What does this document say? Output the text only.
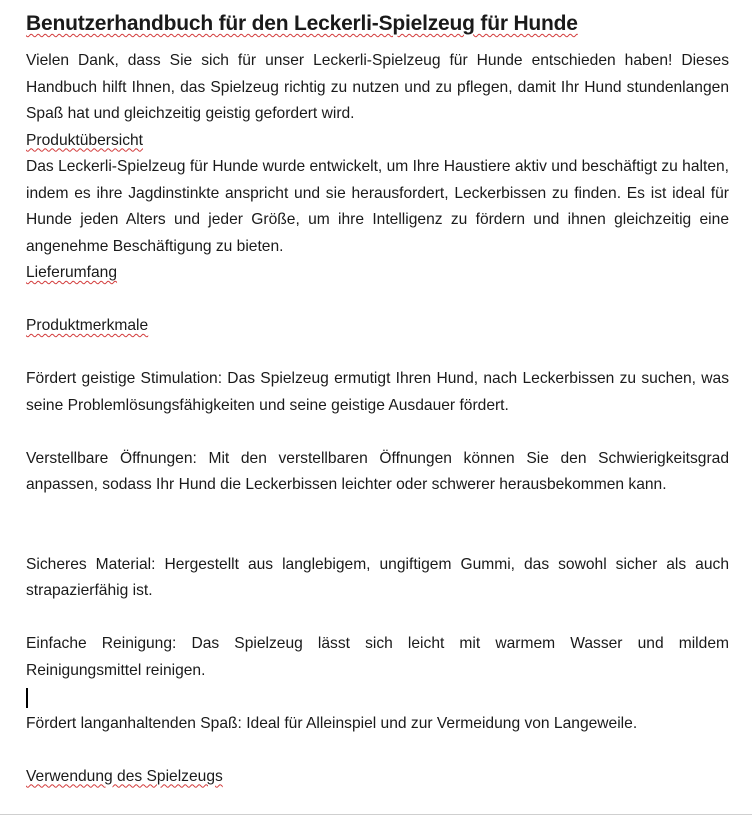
Benutzerhandbuch für den Leckerli-Spielzeug für Hunde

Vielen Dank, dass Sie sich für unser Leckerli-Spielzeug für Hunde entschieden haben! Dieses Handbuch hilft Ihnen, das Spielzeug richtig zu nutzen und zu pflegen, damit Ihr Hund stundenlangen Spaß hat und gleichzeitig geistig gefordert wird.

Produktübersicht

Das Leckerli-Spielzeug für Hunde wurde entwickelt, um Ihre Haustiere aktiv und beschäftigt zu halten, indem es ihre Jagdinstinkte anspricht und sie herausfordert, Leckerbissen zu finden. Es ist ideal für Hunde jeden Alters und jeder Größe, um ihre Intelligenz zu fördern und ihnen gleichzeitig eine angenehme Beschäftigung zu bieten.

Lieferumfang

Produktmerkmale

Fördert geistige Stimulation: Das Spielzeug ermutigt Ihren Hund, nach Leckerbissen zu suchen, was seine Problemlösungsfähigkeiten und seine geistige Ausdauer fördert.

Verstellbare Öffnungen: Mit den verstellbaren Öffnungen können Sie den Schwierigkeitsgrad anpassen, sodass Ihr Hund die Leckerbissen leichter oder schwerer herausbekommen kann.

Sicheres Material: Hergestellt aus langlebigem, ungiftigem Gummi, das sowohl sicher als auch strapazierfähig ist.

Einfache Reinigung: Das Spielzeug lässt sich leicht mit warmem Wasser und mildem Reinigungsmittel reinigen.

Fördert langanhaltenden Spaß: Ideal für Alleinspiel und zur Vermeidung von Langeweile.

Verwendung des Spielzeugs
